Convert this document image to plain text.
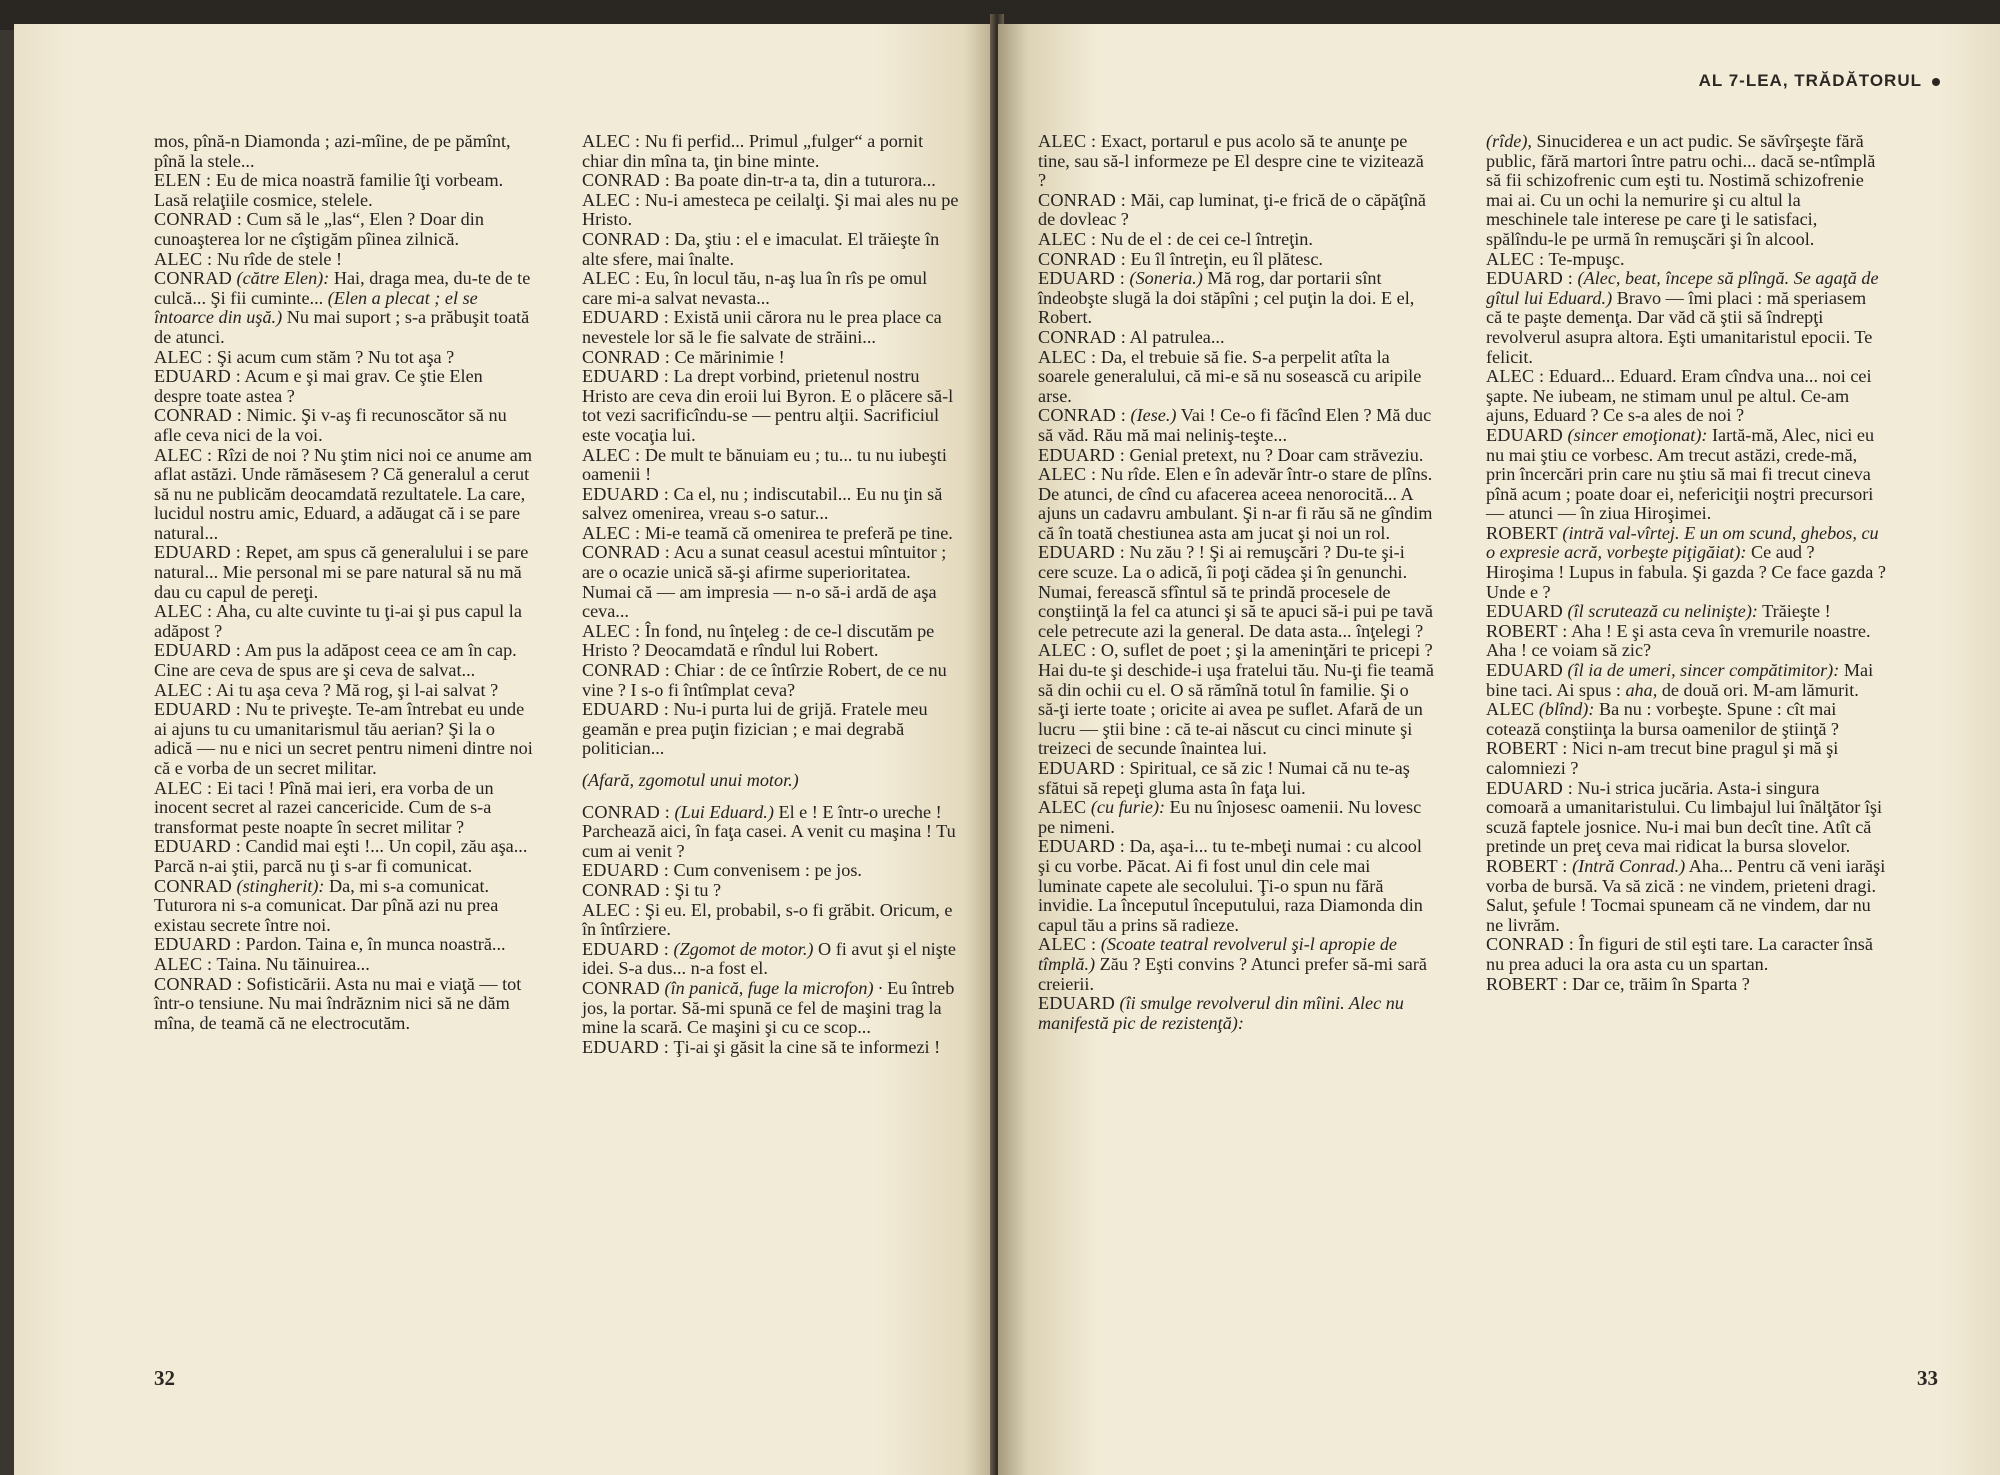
mos, pînă-n Diamonda ; azi-mîine, de pe pămînt, pînă la stele...

ELEN : Eu de mica noastră familie îţi vorbeam. Lasă relaţiile cosmice, stelele.

CONRAD : Cum să le „las“, Elen ? Doar din cunoaşterea lor ne cîştigăm pîinea zilnică.

ALEC : Nu rîde de stele !

CONRAD (către Elen): Hai, draga mea, du-te de te culcă... Şi fii cuminte... (Elen a plecat ; el se întoarce din uşă.) Nu mai suport ; s-a prăbuşit toată de atunci.

ALEC : Şi acum cum stăm ? Nu tot aşa ?

EDUARD : Acum e şi mai grav. Ce ştie Elen despre toate astea ?

CONRAD : Nimic. Şi v-aş fi recunoscător să nu afle ceva nici de la voi.

ALEC : Rîzi de noi ? Nu ştim nici noi ce anume am aflat astăzi. Unde rămăsesem ? Că generalul a cerut să nu ne publicăm deocamdată rezultatele. La care, lucidul nostru amic, Eduard, a adăugat că i se pare natural...

EDUARD : Repet, am spus că generalului i se pare natural... Mie personal mi se pare natural să nu mă dau cu capul de pereţi.

ALEC : Aha, cu alte cuvinte tu ţi-ai şi pus capul la adăpost ?

EDUARD : Am pus la adăpost ceea ce am în cap. Cine are ceva de spus are şi ceva de salvat...

ALEC : Ai tu aşa ceva ? Mă rog, şi l-ai salvat ?

EDUARD : Nu te priveşte. Te-am întrebat eu unde ai ajuns tu cu umanitarismul tău aerian? Şi la o adică — nu e nici un secret pentru nimeni dintre noi că e vorba de un secret militar.

ALEC : Ei taci ! Pînă mai ieri, era vorba de un inocent secret al razei cancericide. Cum de s-a transformat peste noapte în secret militar ?

EDUARD : Candid mai eşti !... Un copil, zău aşa... Parcă n-ai ştii, parcă nu ţi s-ar fi comunicat.

CONRAD (stingherit): Da, mi s-a comunicat. Tuturora ni s-a comunicat. Dar pînă azi nu prea existau secrete între noi.

EDUARD : Pardon. Taina e, în munca noastră...

ALEC : Taina. Nu tăinuirea...

CONRAD : Sofisticării. Asta nu mai e viaţă — tot într-o tensiune. Nu mai îndrăznim nici să ne dăm mîna, de teamă că ne electrocutăm.

ALEC : Nu fi perfid... Primul „fulger“ a pornit chiar din mîna ta, ţin bine minte.

CONRAD : Ba poate din-tr-a ta, din a tuturora...

ALEC : Nu-i amesteca pe ceilalţi. Şi mai ales nu pe Hristo.

CONRAD : Da, ştiu : el e imaculat. El trăieşte în alte sfere, mai înalte.

ALEC : Eu, în locul tău, n-aş lua în rîs pe omul care mi-a salvat nevasta...

EDUARD : Există unii cărora nu le prea place ca nevestele lor să le fie salvate de străini...

CONRAD : Ce mărinimie !

EDUARD : La drept vorbind, prietenul nostru Hristo are ceva din eroii lui Byron. E o plăcere să-l tot vezi sacrificîndu-se — pentru alţii. Sacrificiul este vocaţia lui.

ALEC : De mult te bănuiam eu ; tu... tu nu iubeşti oamenii !

EDUARD : Ca el, nu ; indiscutabil... Eu nu ţin să salvez omenirea, vreau s-o satur...

ALEC : Mi-e teamă că omenirea te preferă pe tine.

CONRAD : Acu a sunat ceasul acestui mîntuitor ; are o ocazie unică să-şi afirme superioritatea. Numai că — am impresia — n-o să-i ardă de aşa ceva...

ALEC : În fond, nu înţeleg : de ce-l discutăm pe Hristo ? Deocamdată e rîndul lui Robert.

CONRAD : Chiar : de ce întîrzie Robert, de ce nu vine ? I s-o fi întîmplat ceva?

EDUARD : Nu-i purta lui de grijă. Fratele meu geamăn e prea puţin fizician ; e mai degrabă politician...

(Afară, zgomotul unui motor.)

CONRAD : (Lui Eduard.) El e ! E într-o ureche ! Parchează aici, în faţa casei. A venit cu maşina ! Tu cum ai venit ?

EDUARD : Cum convenisem : pe jos.

CONRAD : Şi tu ?

ALEC : Şi eu. El, probabil, s-o fi grăbit. Oricum, e în întîrziere.

EDUARD : (Zgomot de motor.) O fi avut şi el nişte idei. S-a dus... n-a fost el.

CONRAD (în panică, fuge la microfon) · Eu întreb jos, la portar. Să-mi spună ce fel de maşini trag la mine la scară. Ce maşini şi cu ce scop...

EDUARD : Ţi-ai şi găsit la cine să te informezi !

32
AL 7-LEA, TRĂDĂTORUL

ALEC : Exact, portarul e pus acolo să te anunţe pe tine, sau să-l informeze pe El despre cine te vizitează ?

CONRAD : Măi, cap luminat, ţi-e frică de o căpăţînă de dovleac ?

ALEC : Nu de el : de cei ce-l întreţin.

CONRAD : Eu îl întreţin, eu îl plătesc.

EDUARD : (Soneria.) Mă rog, dar portarii sînt îndeobşte slugă la doi stăpîni ; cel puţin la doi. E el, Robert.

CONRAD : Al patrulea...

ALEC : Da, el trebuie să fie. S-a perpelit atîta la soarele generalului, că mi-e să nu sosească cu aripile arse.

CONRAD : (Iese.) Vai ! Ce-o fi făcînd Elen ? Mă duc să văd. Rău mă mai neliniş-teşte...

EDUARD : Genial pretext, nu ? Doar cam străveziu.

ALEC : Nu rîde. Elen e în adevăr într-o stare de plîns. De atunci, de cînd cu afacerea aceea nenorocită... A ajuns un cadavru ambulant. Şi n-ar fi rău să ne gîndim că în toată chestiunea asta am jucat şi noi un rol.

EDUARD : Nu zău ? ! Şi ai remuşcări ? Du-te şi-i cere scuze. La o adică, îi poţi cădea şi în genunchi. Numai, ferească sfîntul să te prindă procesele de conştiinţă la fel ca atunci şi să te apuci să-i pui pe tavă cele petrecute azi la general. De data asta... înţelegi ?

ALEC : O, suflet de poet ; şi la ameninţări te pricepi ? Hai du-te şi deschide-i uşa fratelui tău. Nu-ţi fie teamă să din ochii cu el. O să rămînă totul în familie. Şi o să-ţi ierte toate ; oricite ai avea pe suflet. Afară de un lucru — ştii bine : că te-ai născut cu cinci minute şi treizeci de secunde înaintea lui.

EDUARD : Spiritual, ce să zic ! Numai că nu te-aş sfătui să repeţi gluma asta în faţa lui.

ALEC (cu furie): Eu nu înjosesc oamenii. Nu lovesc pe nimeni.

EDUARD : Da, aşa-i... tu te-mbeţi numai : cu alcool şi cu vorbe. Păcat. Ai fi fost unul din cele mai luminate capete ale secolului. Ţi-o spun nu fără invidie. La începutul începutului, raza Diamonda din capul tău a prins să radieze.

ALEC : (Scoate teatral revolverul şi-l apropie de tîmplă.) Zău ? Eşti convins ? Atunci prefer să-mi sară creierii.

EDUARD (îi smulge revolverul din mîini. Alec nu manifestă pic de rezistenţă):

(rîde), Sinuciderea e un act pudic. Se săvîrşeşte fără public, fără martori între patru ochi... dacă se-ntîmplă să fii schizofrenic cum eşti tu. Nostimă schizofrenie mai ai. Cu un ochi la nemurire şi cu altul la meschinele tale interese pe care ţi le satisfaci, spălîndu-le pe urmă în remuşcări şi în alcool.

ALEC : Te-mpuşc.

EDUARD : (Alec, beat, începe să plîngă. Se agaţă de gîtul lui Eduard.) Bravo — îmi placi : mă speriasem că te paşte demenţa. Dar văd că ştii să îndrepţi revolverul asupra altora. Eşti umanitaristul epocii. Te felicit.

ALEC : Eduard... Eduard. Eram cîndva una... noi cei şapte. Ne iubeam, ne stimam unul pe altul. Ce-am ajuns, Eduard ? Ce s-a ales de noi ?

EDUARD (sincer emoţionat): Iartă-mă, Alec, nici eu nu mai ştiu ce vorbesc. Am trecut astăzi, crede-mă, prin încercări prin care nu ştiu să mai fi trecut cineva pînă acum ; poate doar ei, nefericiţii noştri precursori — atunci — în ziua Hiroşimei.

ROBERT (intră val-vîrtej. E un om scund, ghebos, cu o expresie acră, vorbeşte piţigăiat): Ce aud ? Hiroşima ! Lupus in fabula. Şi gazda ? Ce face gazda ? Unde e ?

EDUARD (îl scrutează cu nelinişte): Trăieşte !

ROBERT : Aha ! E şi asta ceva în vremurile noastre. Aha ! ce voiam să zic?

EDUARD (îl ia de umeri, sincer compătimitor): Mai bine taci. Ai spus : aha, de două ori. M-am lămurit.

ALEC (blînd): Ba nu : vorbeşte. Spune : cît mai cotează conştiinţa la bursa oamenilor de ştiinţă ?

ROBERT : Nici n-am trecut bine pragul şi mă şi calomniezi ?

EDUARD : Nu-i strica jucăria. Asta-i singura comoară a umanitaristului. Cu limbajul lui înălţător îşi scuză faptele josnice. Nu-i mai bun decît tine. Atît că pretinde un preţ ceva mai ridicat la bursa slovelor.

ROBERT : (Intră Conrad.) Aha... Pentru că veni iarăşi vorba de bursă. Va să zică : ne vindem, prieteni dragi. Salut, şefule ! Tocmai spuneam că ne vindem, dar nu ne livrăm.

CONRAD : În figuri de stil eşti tare. La caracter însă nu prea aduci la ora asta cu un spartan.

ROBERT : Dar ce, trăim în Sparta ?

33
